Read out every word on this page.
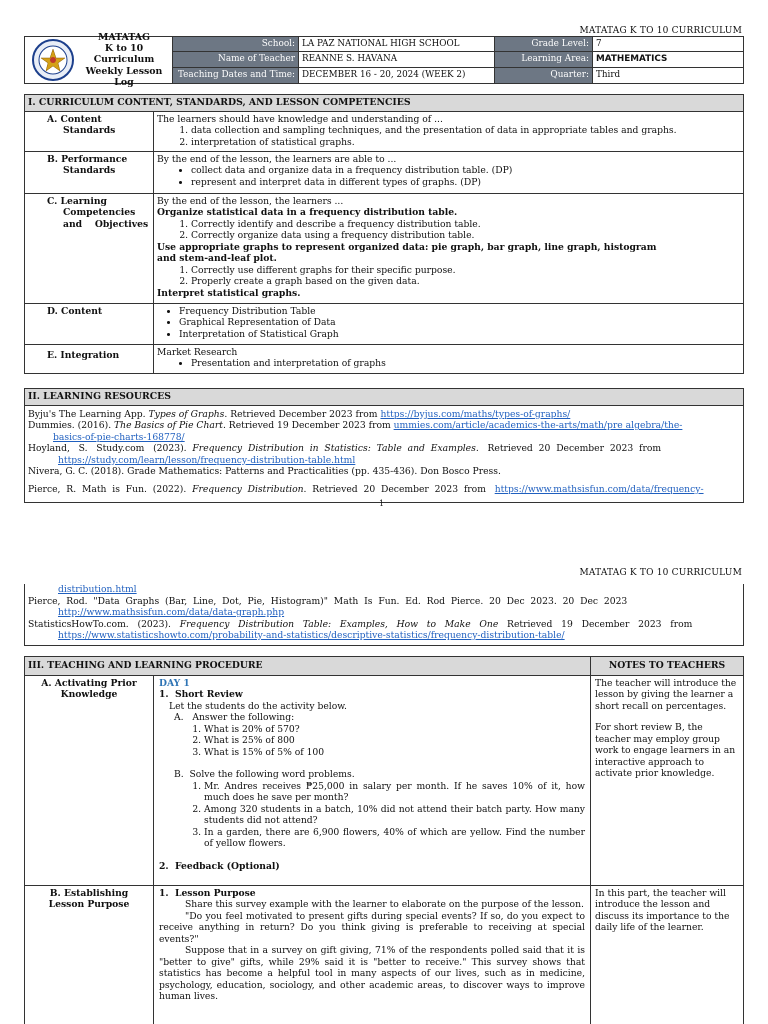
MATATAG K TO 10 CURRICULUM
MATATAG
K to 10 Curriculum
Weekly Lesson Log
School: LA PAZ NATIONAL HIGH SCHOOL	Grade Level: 7
Name of Teacher REANNE S. HAVANA	Learning Area: MATHEMATICS
Teaching Dates and Time: DECEMBER 16 - 20, 2024 (WEEK 2)	Quarter: Third
I. CURRICULUM CONTENT, STANDARDS, AND LESSON COMPETENCIES
A. Content
Standards
The learners should have knowledge and understanding of ...
1. data collection and sampling techniques, and the presentation of data in appropriate tables and graphs.
2. interpretation of statistical graphs.
B. Performance
Standards
By the end of the lesson, the learners are able to ...
• collect data and organize data in a frequency distribution table. (DP)
• represent and interpret data in different types of graphs. (DP)
C. Learning
Competencies
and    Objectives
By the end of the lesson, the learners ...
Organize statistical data in a frequency distribution table.
1. Correctly identify and describe a frequency distribution table.
2. Correctly organize data using a frequency distribution table.
Use appropriate graphs to represent organized data: pie graph, bar graph, line graph, histogram
and stem-and-leaf plot.
1. Correctly use different graphs for their specific purpose.
2. Properly create a graph based on the given data.
Interpret statistical graphs.
D. Content
•	Frequency Distribution Table
• Graphical Representation of Data
• Interpretation of Statistical Graph
E. Integration	Market Research
• Presentation and interpretation of graphs
II. LEARNING RESOURCES

Byju's The Learning App. Types of Graphs. Retrieved December 2023 from https://byjus.com/maths/types-of-graphs/

Dummies. (2016). The Basics of Pie Chart. Retrieved 19 December 2023 from ummies.com/article/academics-the-arts/math/pre algebra/the-

basics-of-pie-charts-168778/

Hoyland,   S.   Study.com   (2023).  Frequency  Distribution  in  Statistics:  Table  and  Examples.   Retrieved  20  December  2023  from

https://study.com/learn/lesson/frequency-distribution-table.html

Nivera, G. C. (2018). Grade Mathematics: Patterns and Practicalities (pp. 435-436). Don Bosco Press.

Pierce,  R.  Math  is  Fun.  (2022).  Frequency  Distribution.  Retrieved  20  December  2023  from   https://www.mathsisfun.com/data/frequency-

1
MATATAG K TO 10 CURRICULUM

distribution.html

Pierce,  Rod.  "Data  Graphs  (Bar,  Line,  Dot,  Pie,  Histogram)"  Math  Is  Fun.  Ed.  Rod  Pierce.  20  Dec  2023.  20  Dec  2023

http://www.mathsisfun.com/data/data-graph.php

StatisticsHowTo.com.   (2023).   Frequency   Distribution   Table:   Examples,   How   to   Make   One   Retrieved   19   December   2023   from

https://www.statisticshowto.com/probability-and-statistics/descriptive-statistics/frequency-distribution-table/

III. TEACHING AND LEARNING PROCEDURE	NOTES TO TEACHERS
A. Activating Prior
Knowledge
DAY 1
1.  Short Review
Let the students do the activity below.
A.   Answer the following:
1. What is 20% of 570?
2. What is 25% of 800
3. What is 15% of 5% of 100
B.  Solve the following word problems.
1. Mr. Andres receives ₱25,000 in salary per month. If he saves 10% of it, how much does he save per month?
2. Among 320 students in a batch, 10% did not attend their batch party. How many students did not attend?
3. In a garden, there are 6,900 flowers, 40% of which are yellow. Find the number of yellow flowers.
2.  Feedback (Optional)
The teacher will introduce the lesson by giving the learner a short recall on percentages.
For short review B, the teacher may employ group work to engage learners in an interactive approach to activate prior knowledge.
B. Establishing
Lesson Purpose
1.  Lesson Purpose
Share this survey example with the learner to elaborate on the purpose of the lesson.
"Do you feel motivated to present gifts during special events? If so, do you expect to receive anything in return? Do you think giving is preferable to receiving at special events?"
Suppose that in a survey on gift giving, 71% of the respondents polled said that it is "better to give" gifts, while 29% said it is "better to receive." This survey shows that statistics has become a helpful tool in many aspects of our lives, such as in medicine, psychology, education, sociology, and other academic areas, to discover ways to improve human lives.
In this part, the teacher will introduce the lesson and discuss its importance to the daily life of the learner.
